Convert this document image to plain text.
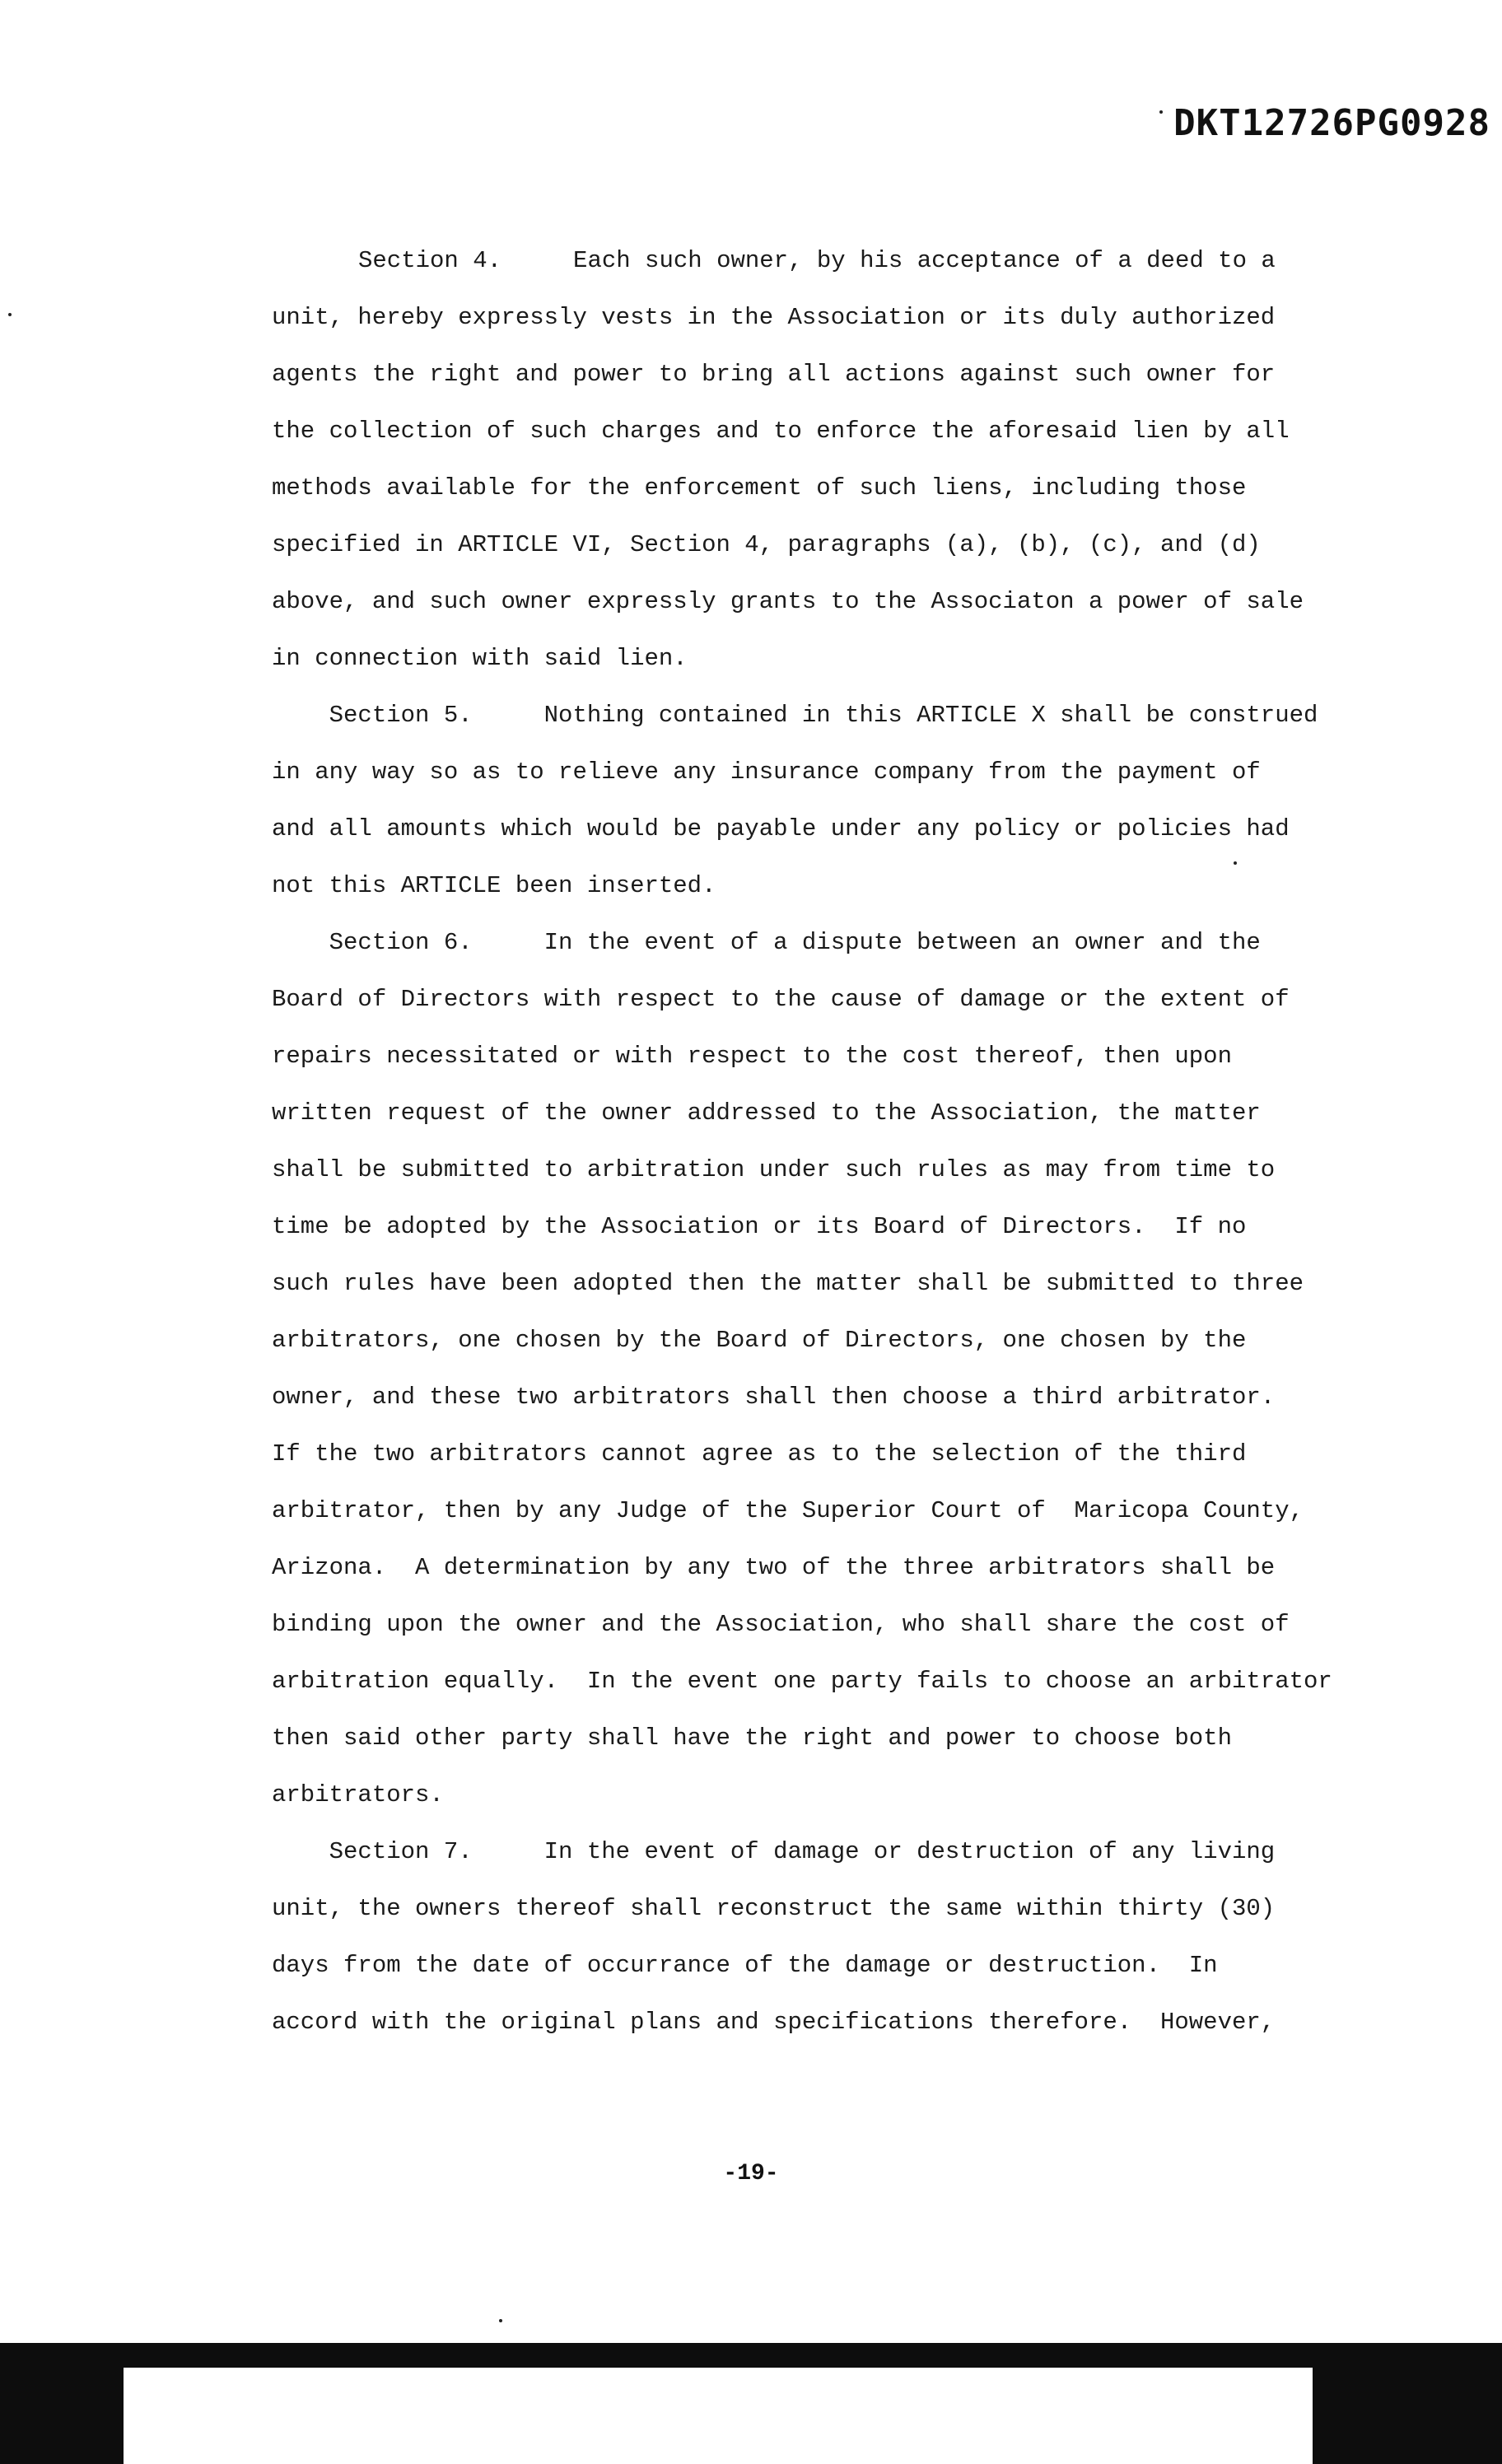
DKT12726PG0928
Section 4.     Each such owner, by his acceptance of a deed to a
unit, hereby expressly vests in the Association or its duly authorized
agents the right and power to bring all actions against such owner for
the collection of such charges and to enforce the aforesaid lien by all
methods available for the enforcement of such liens, including those
specified in ARTICLE VI, Section 4, paragraphs (a), (b), (c), and (d)
above, and such owner expressly grants to the Associaton a power of sale
in connection with said lien.
Section 5.     Nothing contained in this ARTICLE X shall be construed
in any way so as to relieve any insurance company from the payment of
and all amounts which would be payable under any policy or policies had
not this ARTICLE been inserted.
Section 6.     In the event of a dispute between an owner and the
Board of Directors with respect to the cause of damage or the extent of
repairs necessitated or with respect to the cost thereof, then upon
written request of the owner addressed to the Association, the matter
shall be submitted to arbitration under such rules as may from time to
time be adopted by the Association or its Board of Directors.  If no
such rules have been adopted then the matter shall be submitted to three
arbitrators, one chosen by the Board of Directors, one chosen by the
owner, and these two arbitrators shall then choose a third arbitrator.
If the two arbitrators cannot agree as to the selection of the third
arbitrator, then by any Judge of the Superior Court of  Maricopa County,
Arizona.  A determination by any two of the three arbitrators shall be
binding upon the owner and the Association, who shall share the cost of
arbitration equally.  In the event one party fails to choose an arbitrator
then said other party shall have the right and power to choose both
arbitrators.
Section 7.     In the event of damage or destruction of any living
unit, the owners thereof shall reconstruct the same within thirty (30)
days from the date of occurrance of the damage or destruction.  In
accord with the original plans and specifications therefore.  However,
-19-
